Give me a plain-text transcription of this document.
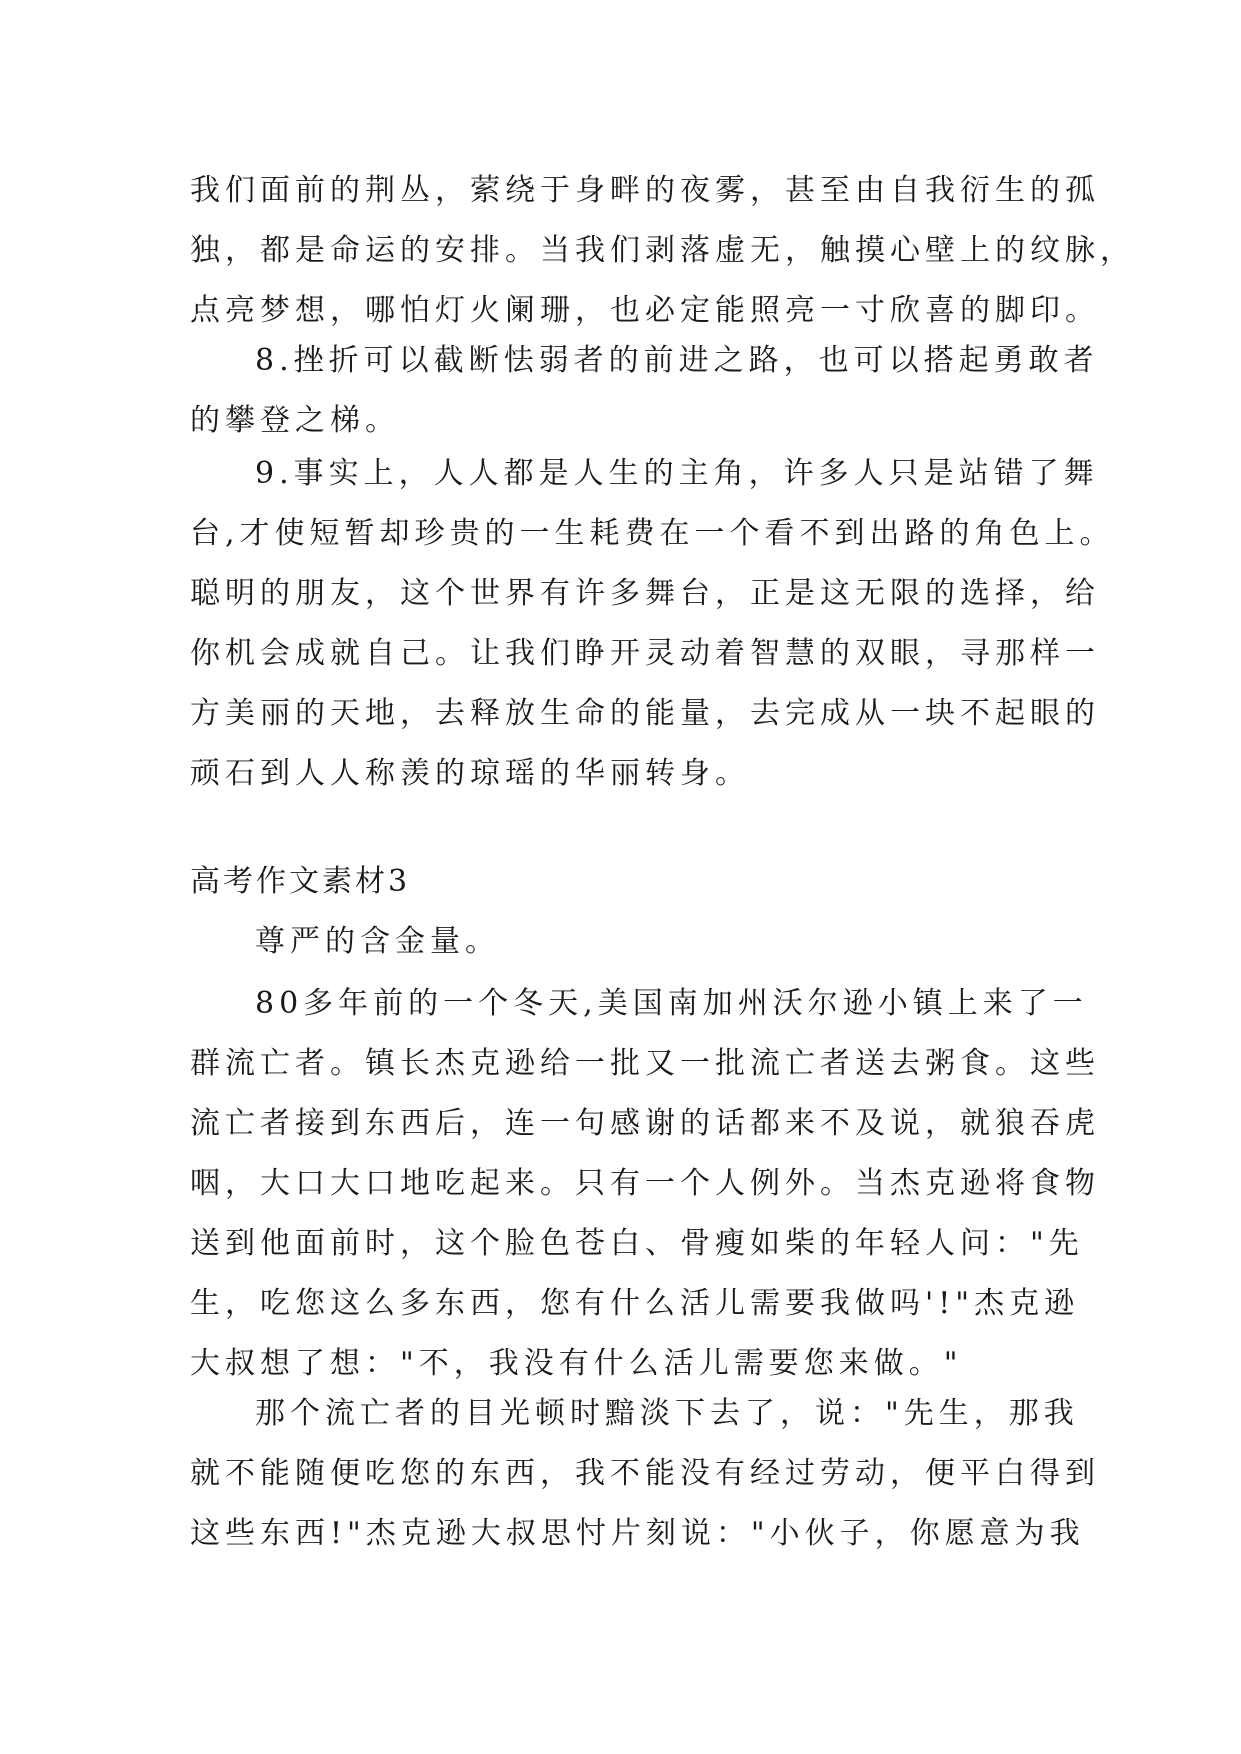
我们面前的荆丛，萦绕于身畔的夜雾，甚至由自我衍生的孤
独，都是命运的安排。当我们剥落虚无，触摸心壁上的纹脉，
点亮梦想，哪怕灯火阑珊，也必定能照亮一寸欣喜的脚印。
8.挫折可以截断怯弱者的前进之路，也可以搭起勇敢者
的攀登之梯。
9.事实上，人人都是人生的主角，许多人只是站错了舞
台,才使短暂却珍贵的一生耗费在一个看不到出路的角色上。
聪明的朋友，这个世界有许多舞台，正是这无限的选择，给
你机会成就自己。让我们睁开灵动着智慧的双眼，寻那样一
方美丽的天地，去释放生命的能量，去完成从一块不起眼的
顽石到人人称羡的琼瑶的华丽转身。
高考作文素材3
尊严的含金量。
80多年前的一个冬天,美国南加州沃尔逊小镇上来了一
群流亡者。镇长杰克逊给一批又一批流亡者送去粥食。这些
流亡者接到东西后，连一句感谢的话都来不及说，就狼吞虎
咽，大口大口地吃起来。只有一个人例外。当杰克逊将食物
送到他面前时，这个脸色苍白、骨瘦如柴的年轻人问："先
生，吃您这么多东西，您有什么活儿需要我做吗'!"杰克逊
大叔想了想："不，我没有什么活儿需要您来做。"
那个流亡者的目光顿时黯淡下去了，说："先生，那我
就不能随便吃您的东西，我不能没有经过劳动，便平白得到
这些东西!"杰克逊大叔思忖片刻说："小伙子，你愿意为我
